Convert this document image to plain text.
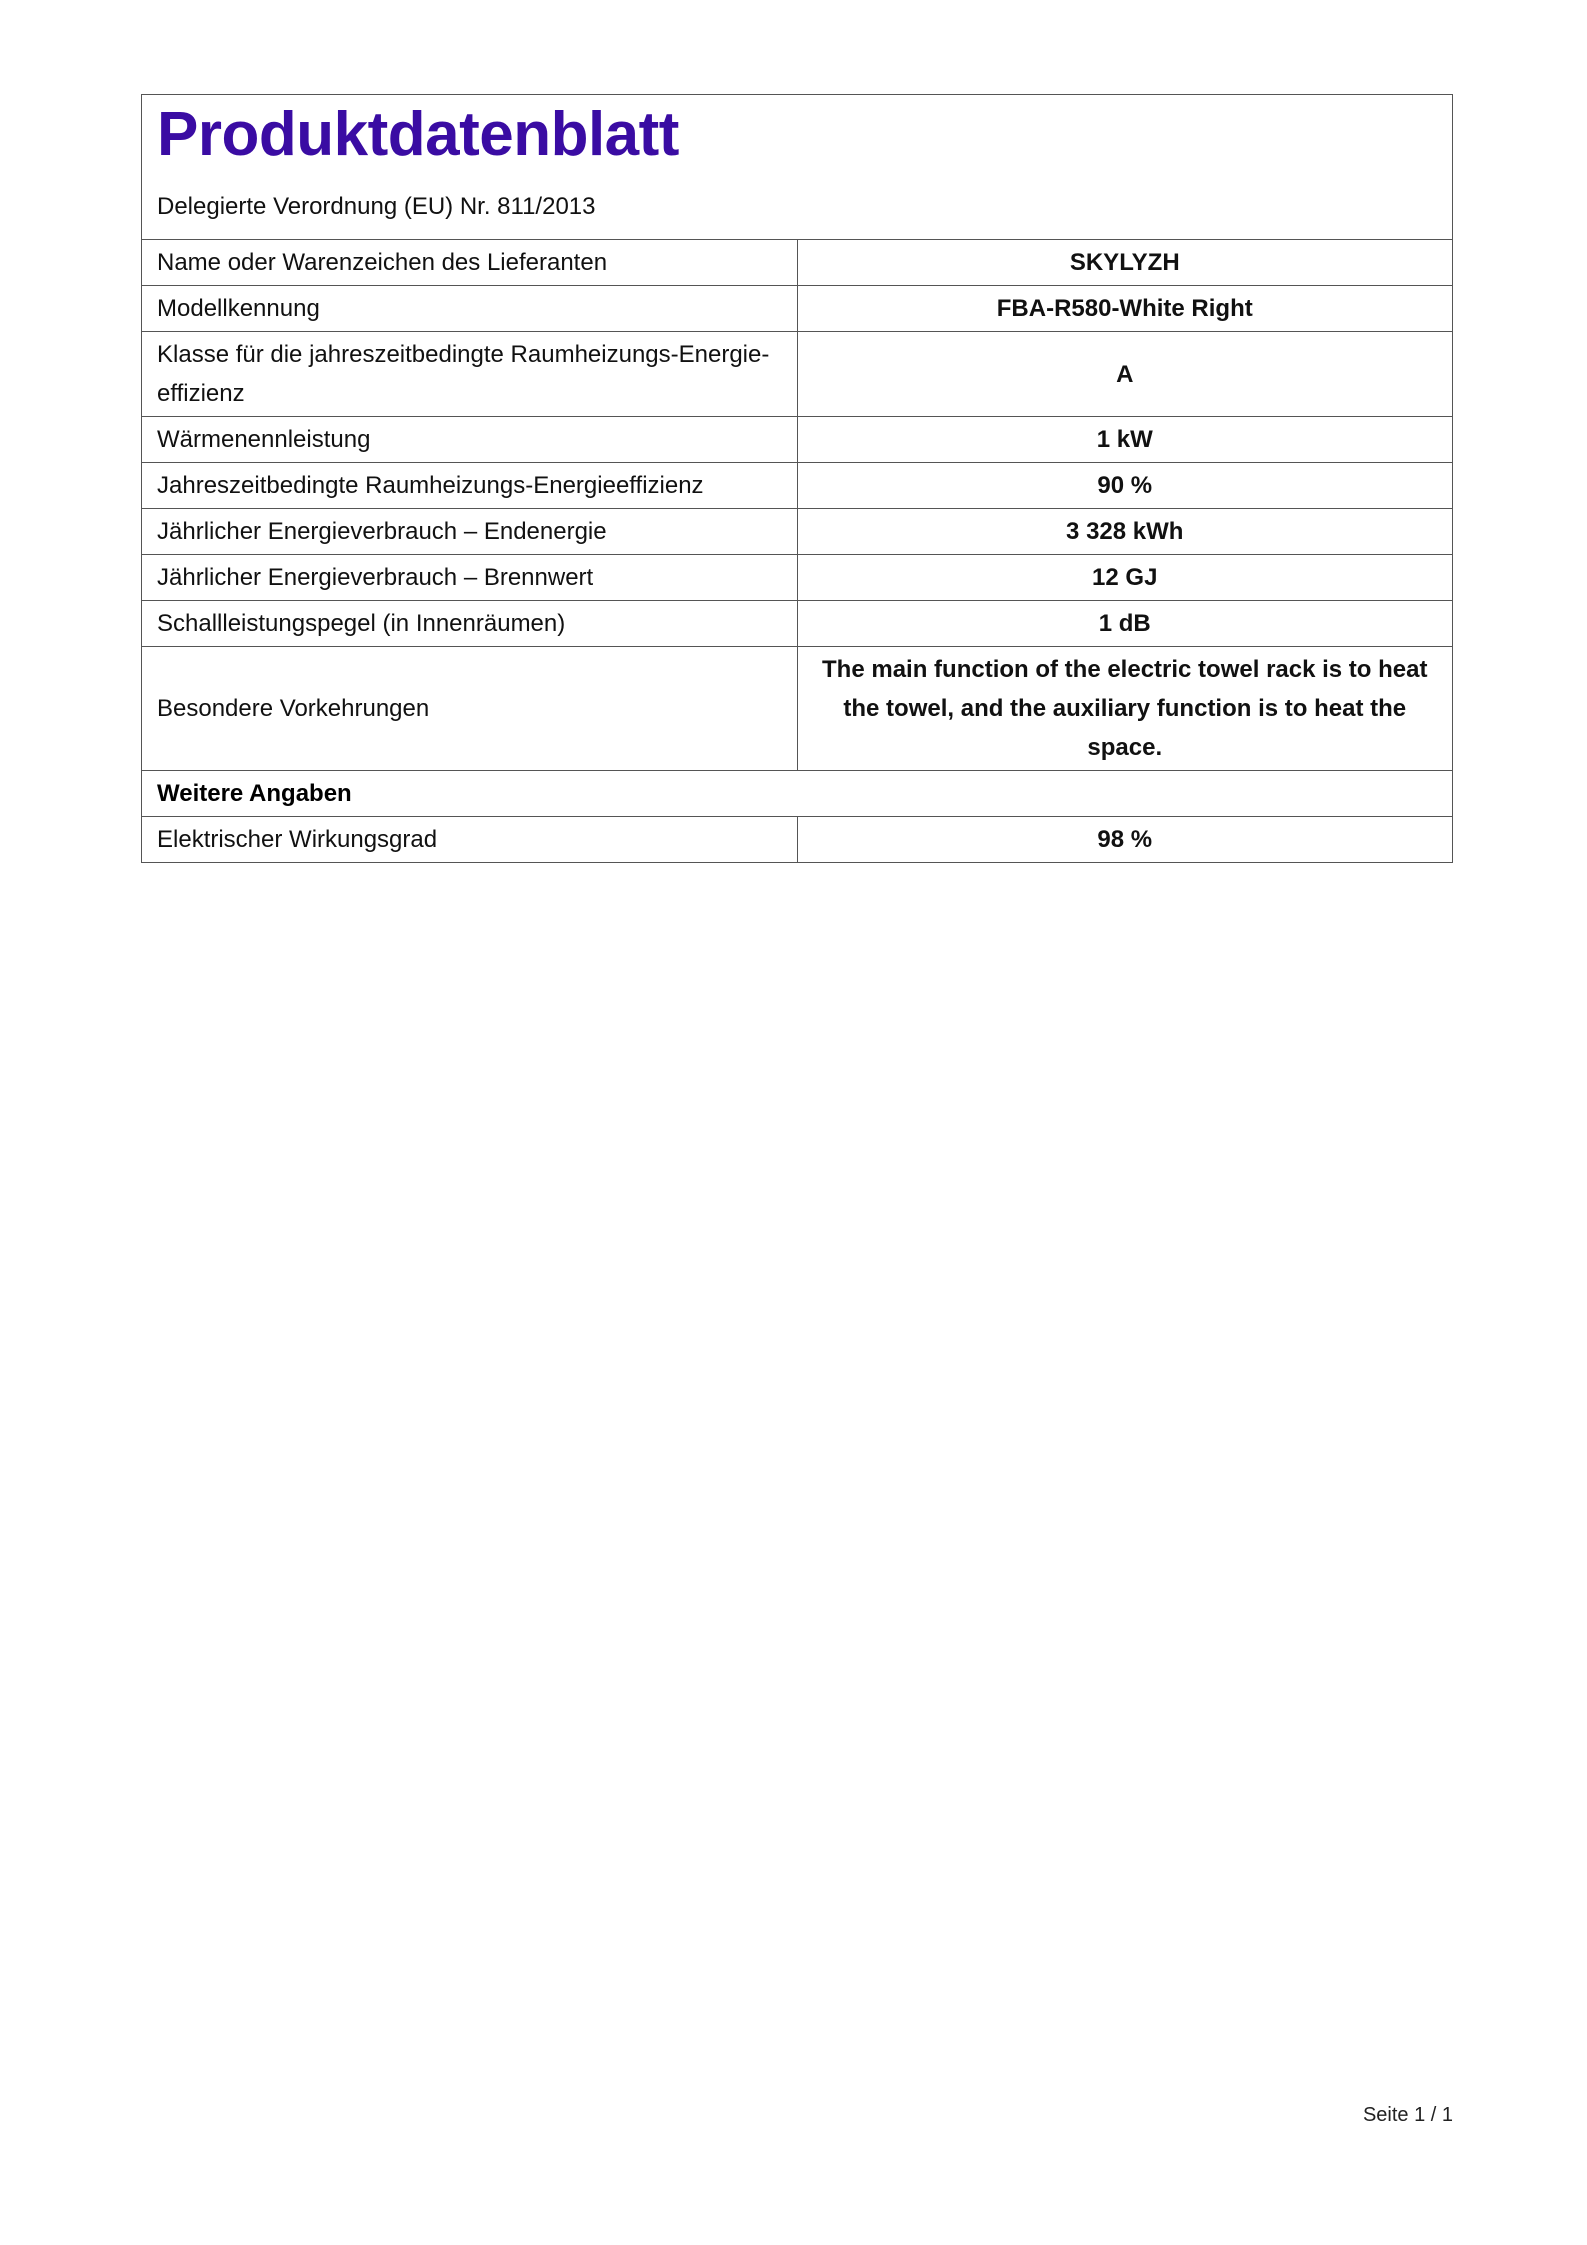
Produktdatenblatt

Delegierte Verordnung (EU) Nr. 811/2013

Name oder Warenzeichen des Lieferanten	SKYLYZH
Modellkennung	FBA-R580-White Right
Klasse für die jahreszeitbedingte Raumheizungs-Energie-effizienz	A
Wärmenennleistung	1 kW
Jahreszeitbedingte Raumheizungs-Energieeffizienz	90 %
Jährlicher Energieverbrauch – Endenergie	3 328 kWh
Jährlicher Energieverbrauch – Brennwert	12 GJ
Schallleistungspegel (in Innenräumen)	1 dB
Besondere Vorkehrungen	The main function of the electric towel rack is to heat the towel, and the auxiliary function is to heat the space.
Weitere Angaben	
Elektrischer Wirkungsgrad	98 %
Seite 1 / 1
